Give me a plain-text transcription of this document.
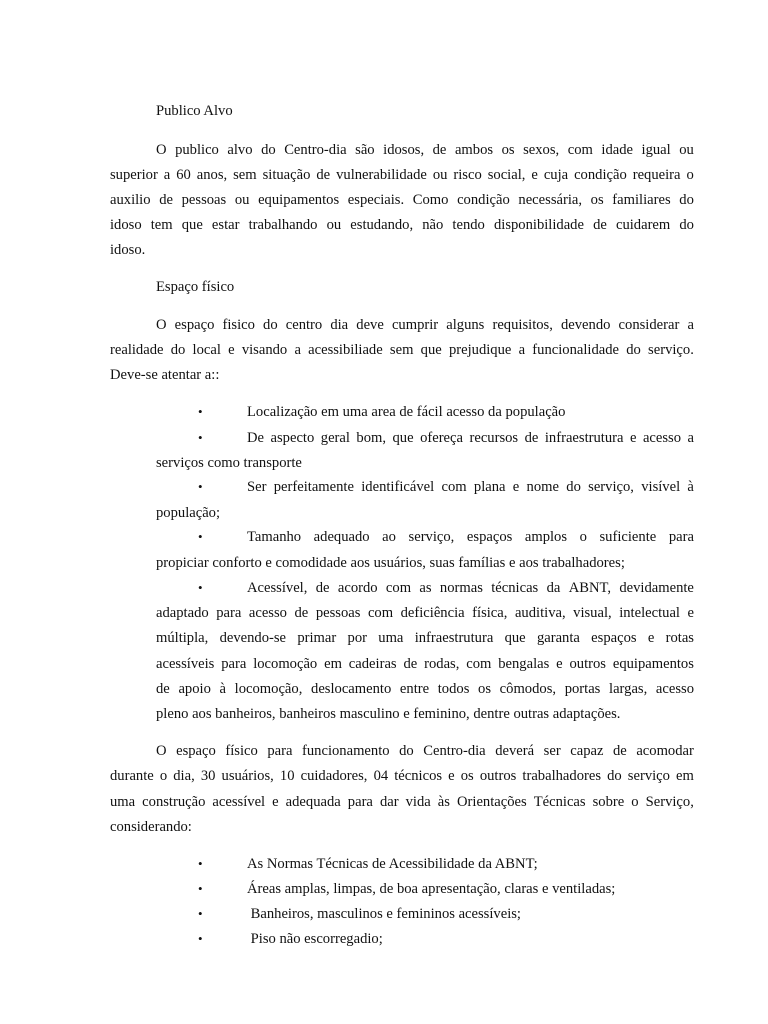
Publico Alvo
O publico alvo do Centro-dia são idosos, de ambos os sexos, com idade igual ou
superior a 60 anos, sem situação de vulnerabilidade ou risco social, e cuja condição requeira o
auxilio de pessoas ou equipamentos especiais. Como condição necessária, os familiares do
idoso tem que estar trabalhando ou estudando, não tendo disponibilidade de cuidarem do
idoso.
Espaço físico
O espaço fisico do centro dia deve cumprir alguns requisitos, devendo considerar a
realidade do local e visando a acessibiliade sem que prejudique a funcionalidade do serviço.
Deve-se atentar a::
•	Localização em uma area de fácil acesso da população
•	De aspecto geral bom, que ofereça recursos de infraestrutura e acesso a
serviços como transporte
•	Ser perfeitamente identificável com plana e nome do serviço, visível à
população;
•	Tamanho adequado ao serviço, espaços amplos o suficiente para
propiciar conforto e comodidade aos usuários, suas famílias e aos trabalhadores;
•	Acessível, de acordo com as normas técnicas da ABNT, devidamente
adaptado para acesso de pessoas com deficiência física, auditiva, visual, intelectual e
múltipla, devendo-se primar por uma infraestrutura que garanta espaços e rotas
acessíveis para locomoção em cadeiras de rodas, com bengalas e outros equipamentos
de apoio à locomoção, deslocamento entre todos os cômodos, portas largas, acesso
pleno aos banheiros, banheiros masculino e feminino, dentre outras adaptações.
O espaço físico para funcionamento do Centro-dia deverá ser capaz de acomodar
durante o dia, 30 usuários, 10 cuidadores, 04 técnicos e os outros trabalhadores do serviço em
uma construção acessível e adequada para dar vida às Orientações Técnicas sobre o Serviço,
considerando:
•	As Normas Técnicas de Acessibilidade da ABNT;
•	Áreas amplas, limpas, de boa apresentação, claras e ventiladas;
•	Banheiros, masculinos e femininos acessíveis;
•	Piso não escorregadio;
